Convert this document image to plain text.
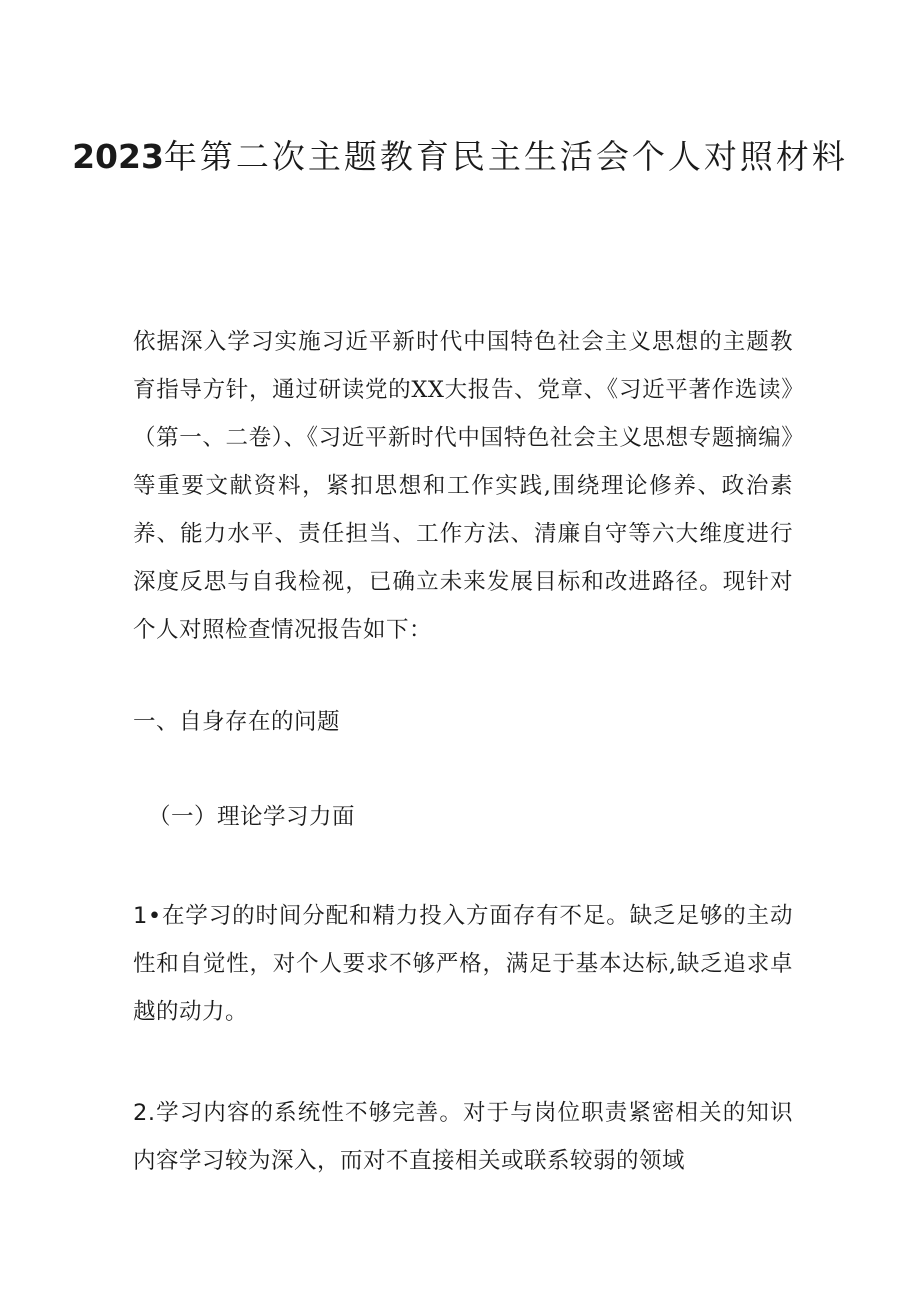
2023年第二次主题教育民主生活会个人对照材料

依据深入学习实施习近平新时代中国特色社会主义思想的主题教育指导方针，通过研读党的XX大报告、党章、《习近平著作选读》（第一、二卷）、《习近平新时代中国特色社会主义思想专题摘编》等重要文献资料，紧扣思想和工作实践,围绕理论修养、政治素养、能力水平、责任担当、工作方法、清廉自守等六大维度进行深度反思与自我检视，已确立未来发展目标和改进路径。现针对个人对照检查情况报告如下：

一、自身存在的问题

（一）理论学习力面

1•在学习的时间分配和精力投入方面存有不足。缺乏足够的主动性和自觉性，对个人要求不够严格，满足于基本达标,缺乏追求卓越的动力。

2.学习内容的系统性不够完善。对于与岗位职责紧密相关的知识内容学习较为深入，而对不直接相关或联系较弱的领域
